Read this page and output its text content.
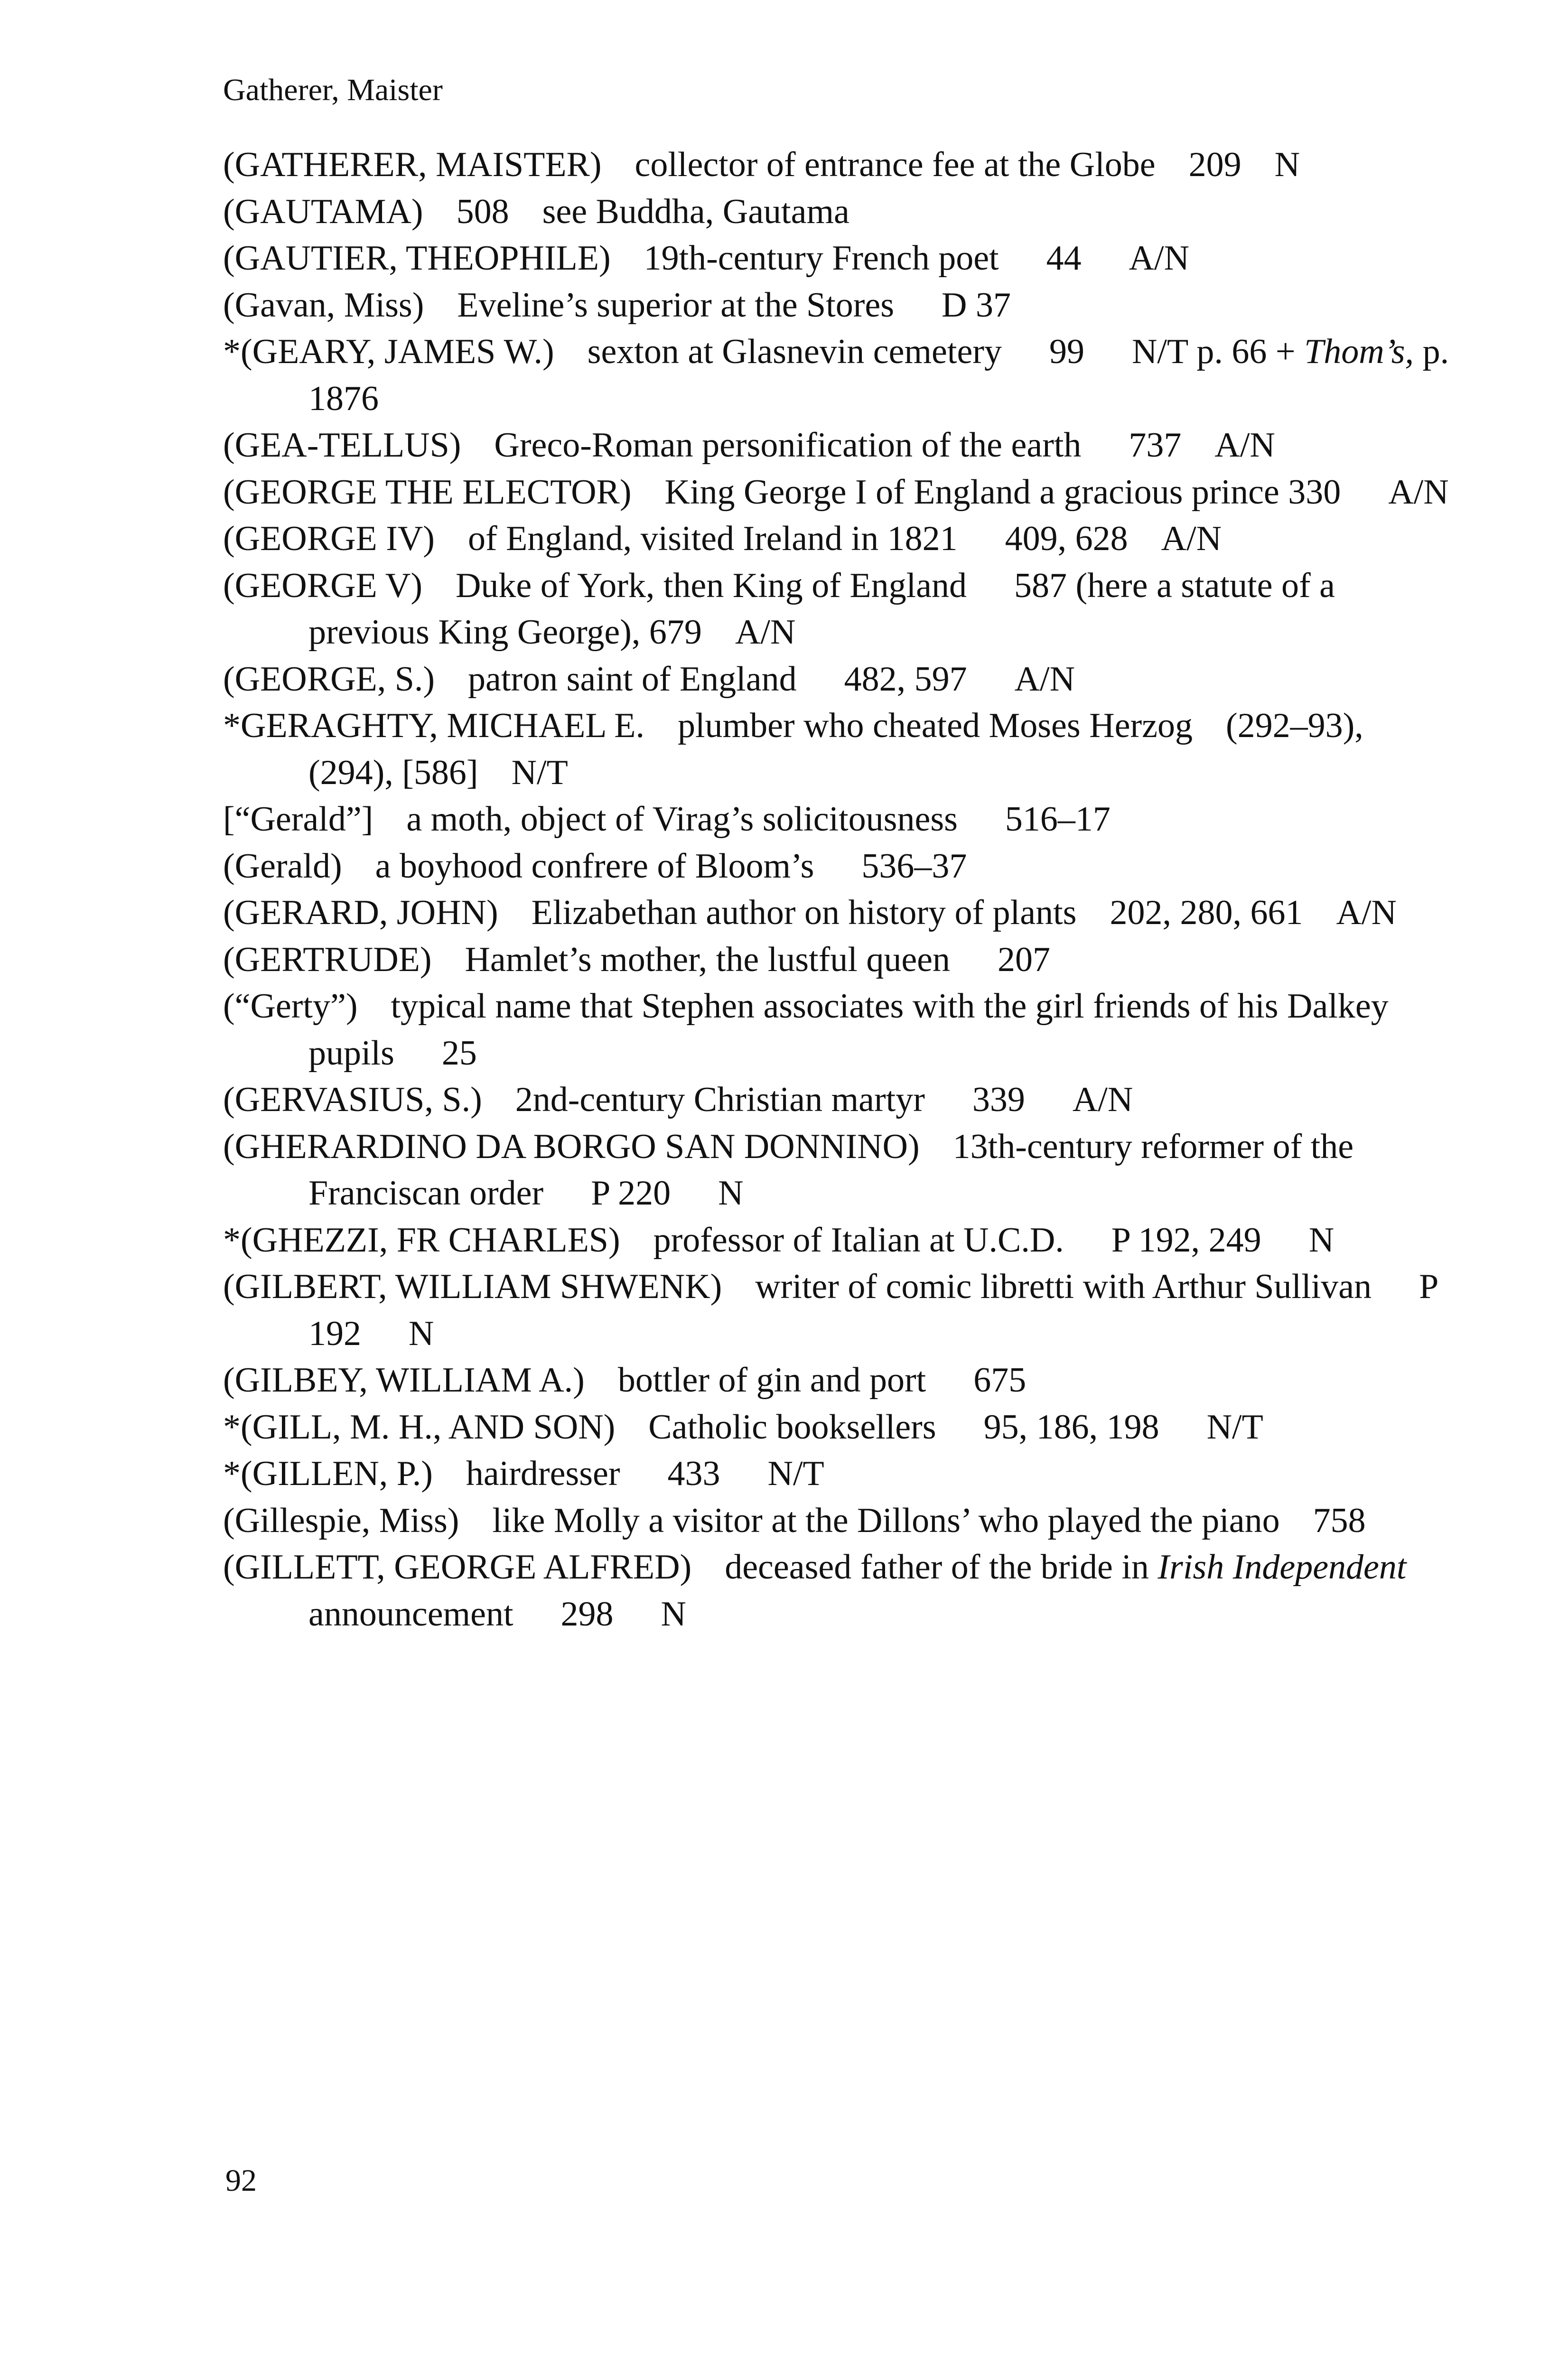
Gatherer, Maister

(GATHERER, MAISTER) collector of entrance fee at the Globe 209 N

(GAUTAMA) 508 see Buddha, Gautama

(GAUTIER, THEOPHILE) 19th-century French poet 44 A/N

(Gavan, Miss) Eveline’s superior at the Stores D 37

*(GEARY, JAMES W.) sexton at Glasnevin cemetery 99 N/T p. 66 + Thom’s, p. 1876

(GEA-TELLUS) Greco-Roman personification of the earth 737 A/N

(GEORGE THE ELECTOR) King George I of England a gracious prince 330 A/N

(GEORGE IV) of England, visited Ireland in 1821 409, 628 A/N

(GEORGE V) Duke of York, then King of England 587 (here a statute of a previous King George), 679 A/N

(GEORGE, S.) patron saint of England 482, 597 A/N

*GERAGHTY, MICHAEL E. plumber who cheated Moses Herzog (292–93), (294), [586] N/T

[“Gerald”] a moth, object of Virag’s solicitousness 516–17

(Gerald) a boyhood confrere of Bloom’s 536–37

(GERARD, JOHN) Elizabethan author on history of plants 202, 280, 661 A/N

(GERTRUDE) Hamlet’s mother, the lustful queen 207

(“Gerty”) typical name that Stephen associates with the girl friends of his Dalkey pupils 25

(GERVASIUS, S.) 2nd-century Christian martyr 339 A/N

(GHERARDINO DA BORGO SAN DONNINO) 13th-century reformer of the Franciscan order P 220 N

*(GHEZZI, FR CHARLES) professor of Italian at U.C.D. P 192, 249 N

(GILBERT, WILLIAM SHWENK) writer of comic libretti with Arthur Sullivan P 192 N

(GILBEY, WILLIAM A.) bottler of gin and port 675

*(GILL, M. H., AND SON) Catholic booksellers 95, 186, 198 N/T

*(GILLEN, P.) hairdresser 433 N/T

(Gillespie, Miss) like Molly a visitor at the Dillons’ who played the piano 758

(GILLETT, GEORGE ALFRED) deceased father of the bride in Irish Independent announcement 298 N

92
